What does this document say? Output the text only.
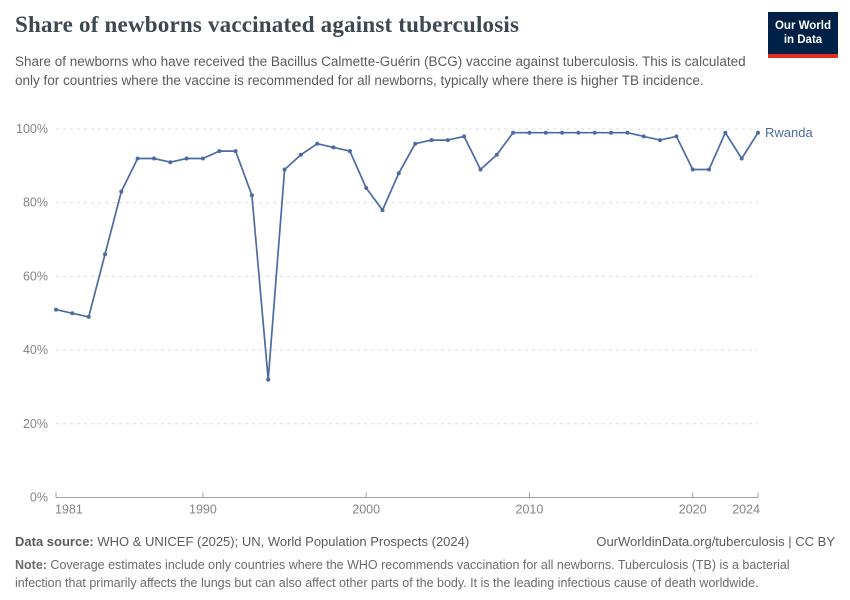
0%
20%
40%
60%
80%
100%
1981	1990	2000	2010	2020 2024
Rwanda
Share of newborns vaccinated against tuberculosis
Share of newborns who have received the Bacillus Calmette-Guérin (BCG) vaccine against tuberculosis. This is calculated only for countries where the vaccine is recommended for all newborns, typically where there is higher TB incidence.
Our World
in Data
Data source: WHO & UNICEF (2025); UN, World Population Prospects (2024)	OurWorldinData.org/tuberculosis | CC BY
Note: Coverage estimates include only countries where the WHO recommends vaccination for all newborns. Tuberculosis (TB) is a bacterial infection that primarily affects the lungs but can also affect other parts of the body. It is the leading infectious cause of death worldwide.
